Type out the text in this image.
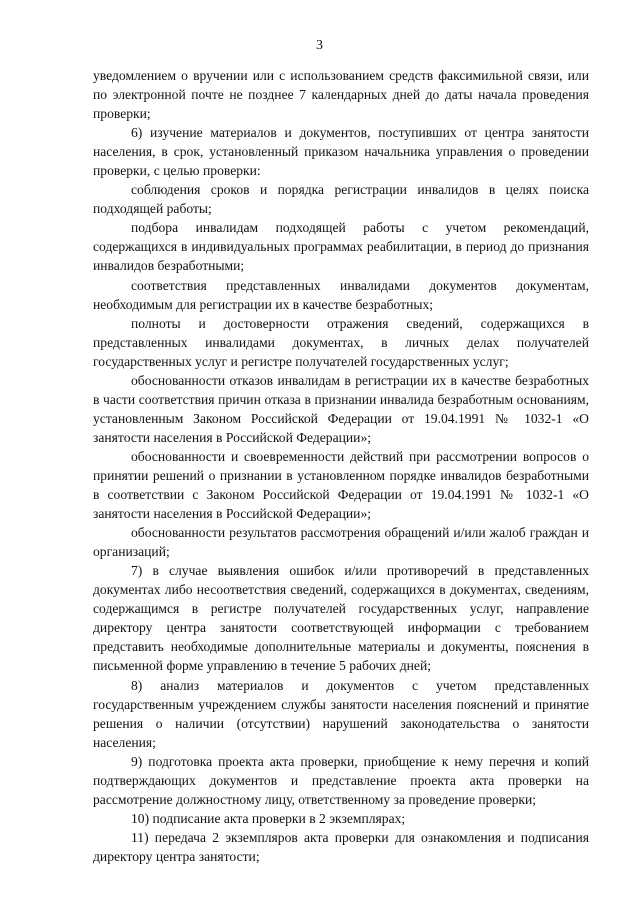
3

уведомлением о вручении или с использованием средств факсимильной связи, или по электронной почте не позднее 7 календарных дней до даты начала проведения проверки;

6) изучение материалов и документов, поступивших от центра занятости населения, в срок, установленный приказом начальника управления о проведении проверки, с целью проверки:

соблюдения сроков и порядка регистрации инвалидов в целях поиска подходящей работы;

подбора инвалидам подходящей работы с учетом рекомендаций, содержащихся в индивидуальных программах реабилитации, в период до признания инвалидов безработными;

соответствия представленных инвалидами документов документам, необходимым для регистрации их в качестве безработных;

полноты и достоверности отражения сведений, содержащихся в представленных инвалидами документах, в личных делах получателей государственных услуг и регистре получателей государственных услуг;

обоснованности отказов инвалидам в регистрации их в качестве безработных в части соответствия причин отказа в признании инвалида безработным основаниям, установленным Законом Российской Федерации от 19.04.1991 № 1032-1 «О занятости населения в Российской Федерации»;

обоснованности и своевременности действий при рассмотрении вопросов о принятии решений о признании в установленном порядке инвалидов безработными в соответствии с Законом Российской Федерации от 19.04.1991 № 1032-1 «О занятости населения в Российской Федерации»;

обоснованности результатов рассмотрения обращений и/или жалоб граждан и организаций;

7) в случае выявления ошибок и/или противоречий в представленных документах либо несоответствия сведений, содержащихся в документах, сведениям, содержащимся в регистре получателей государственных услуг, направление директору центра занятости соответствующей информации с требованием представить необходимые дополнительные материалы и документы, пояснения в письменной форме управлению в течение 5 рабочих дней;

8) анализ материалов и документов с учетом представленных государственным учреждением службы занятости населения пояснений и принятие решения о наличии (отсутствии) нарушений законодательства о занятости населения;

9) подготовка проекта акта проверки, приобщение к нему перечня и копий подтверждающих документов и представление проекта акта проверки на рассмотрение должностному лицу, ответственному за проведение проверки;

10) подписание акта проверки в 2 экземплярах;

11) передача 2 экземпляров акта проверки для ознакомления и подписания директору центра занятости;
